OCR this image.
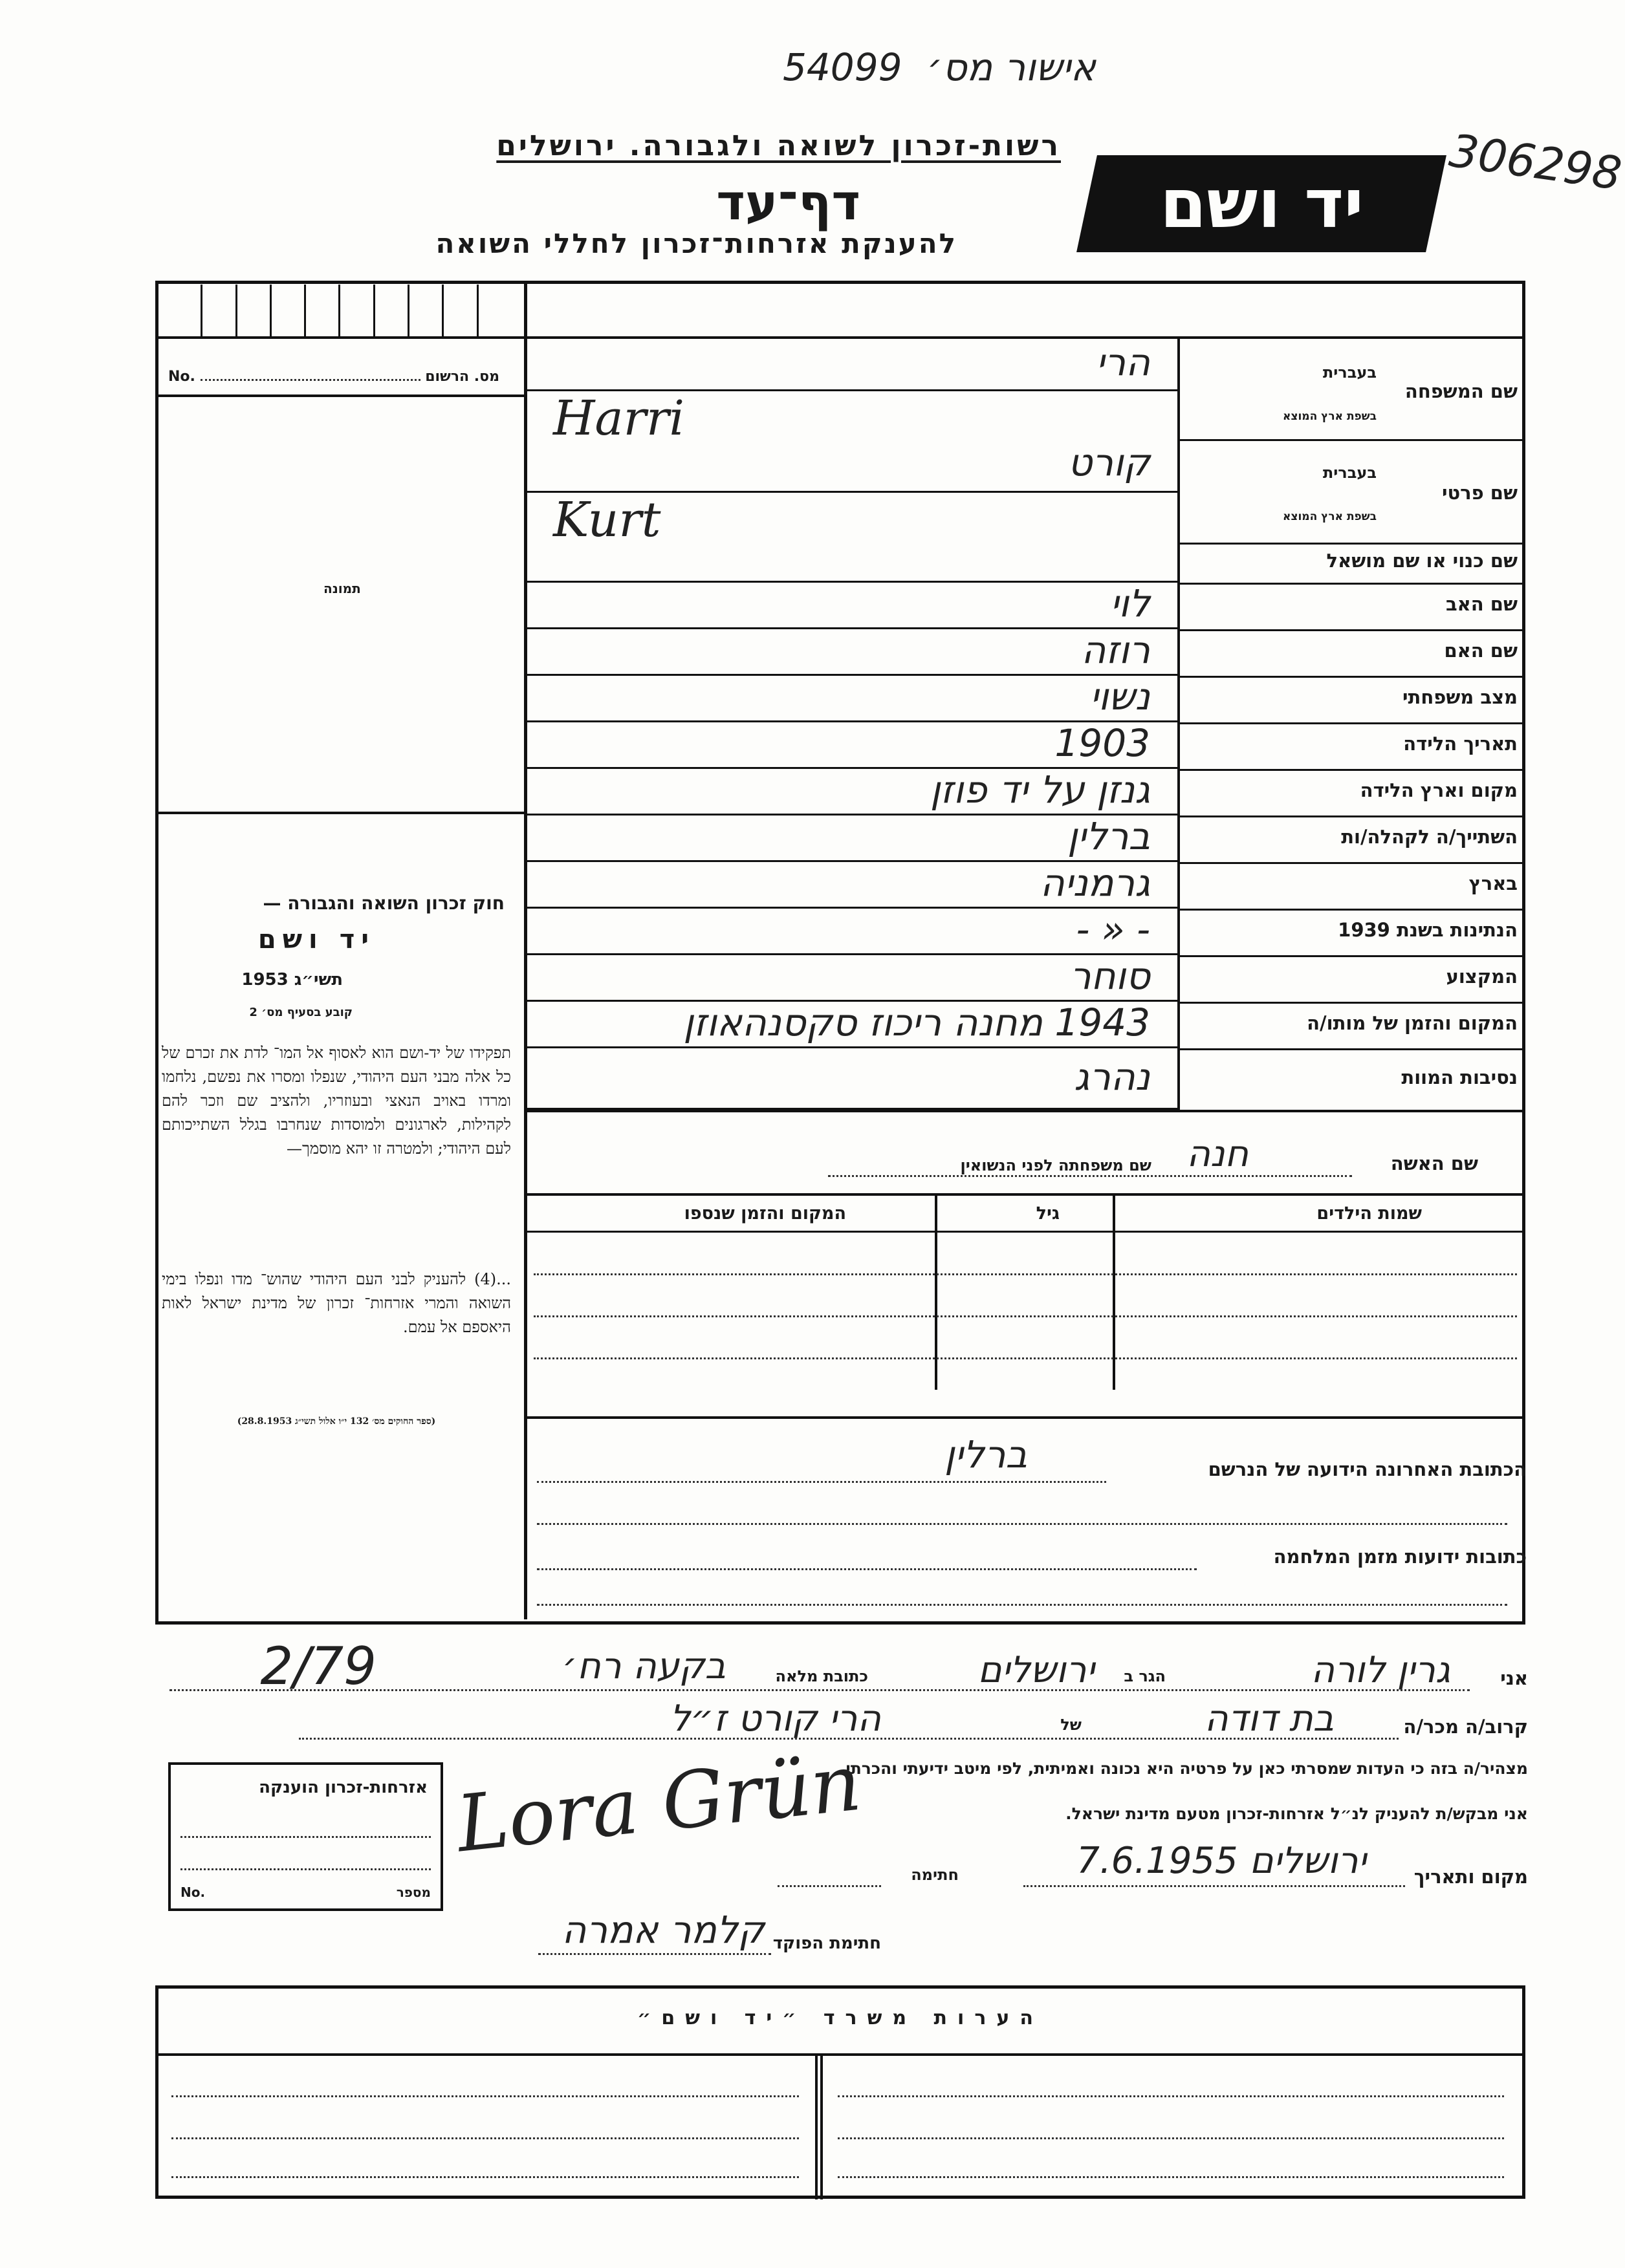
אישור מס׳ 54099
306298
רשות-זכרון לשואה ולגבורה. ירושלים
דף־עד
להענקת אזרחות־זכרון לחללי השואה
יד ושם
No.	מס. הרשום
תמונה
חוק זכרון השואה והגבורה —
יד ושם
תשי״ג 1953
קובע בסעיף מס׳ 2
תפקידו של יד-ושם הוא לאסוף אל המו־ לדת את זכרם של כל אלה מבני העם היהודי, שנפלו ומסרו את נפשם, נלחמו ומרדו באויב הנאצי ובעוזריו, ולהציב שם וזכר להם לקהילות, לארגונים ולמוסדות שנחרבו בגלל השתייכותם לעם היהודי; ולמטרה זו יהא מוסמך—
...(4) להעניק לבני העם היהודי שהוש־ מדו ונפלו בימי השואה והמרי אזרחות־ זכרון של מדינת ישראל לאות היאספם אל עמם.
(ספר החוקים מס׳ 132 י״ו אלול תשי״ג 28.8.1953)
שם המשפחה
בעברית
בשפת ארץ המוצא
הרי
Harri
שם פרטי
בעברית
בשפת ארץ המוצא
קורט
Kurt
שם כנוי או שם מושאל
שם האב
לוי
שם האם
רוזה
מצב משפחתי
נשוי
תאריך הלידה
1903
מקום וארץ הלידה
גנזן על יד פוזן
השתייך/ה לקהלה/ות
ברלין
בארץ
גרמניה
הנתינות בשנת 1939
- « -
המקצוע
סוחר
המקום והזמן של מותו/ה
1943 מחנה ריכוז סקסנהאוזן
נסיבות המוות
נהרג
שם האשה
חנה
שם משפחתה לפני הנשואין
שמות הילדים
גיל
המקום והזמן שנספו
הכתובת האחרונה הידועה של הנרשם
ברלין
כתובות ידועות מזמן המלחמה
אני
גרין לורה
הגר ב
ירושלים
כתובת מלאה
בקעה רח׳
2/79
קרוב/ה מכר/ה
בת דודה
של
הרי קורט ז״ל
מצהיר/ה בזה כי העדות שמסרתי כאן על פרטיה היא נכונה ואמיתית, לפי מיטב ידיעתי והכרתי.
אני מבקש/ת להעניק לנ״ל אזרחות-זכרון מטעם מדינת ישראל.
מקום ותאריך
ירושלים 7.6.1955
חתימה
Lora Grün
חתימת הפוקד
קלמר אמרה
אזרחות-זכרון הוענקה
No.	מספר
הערות משרד ״יד ושם״
